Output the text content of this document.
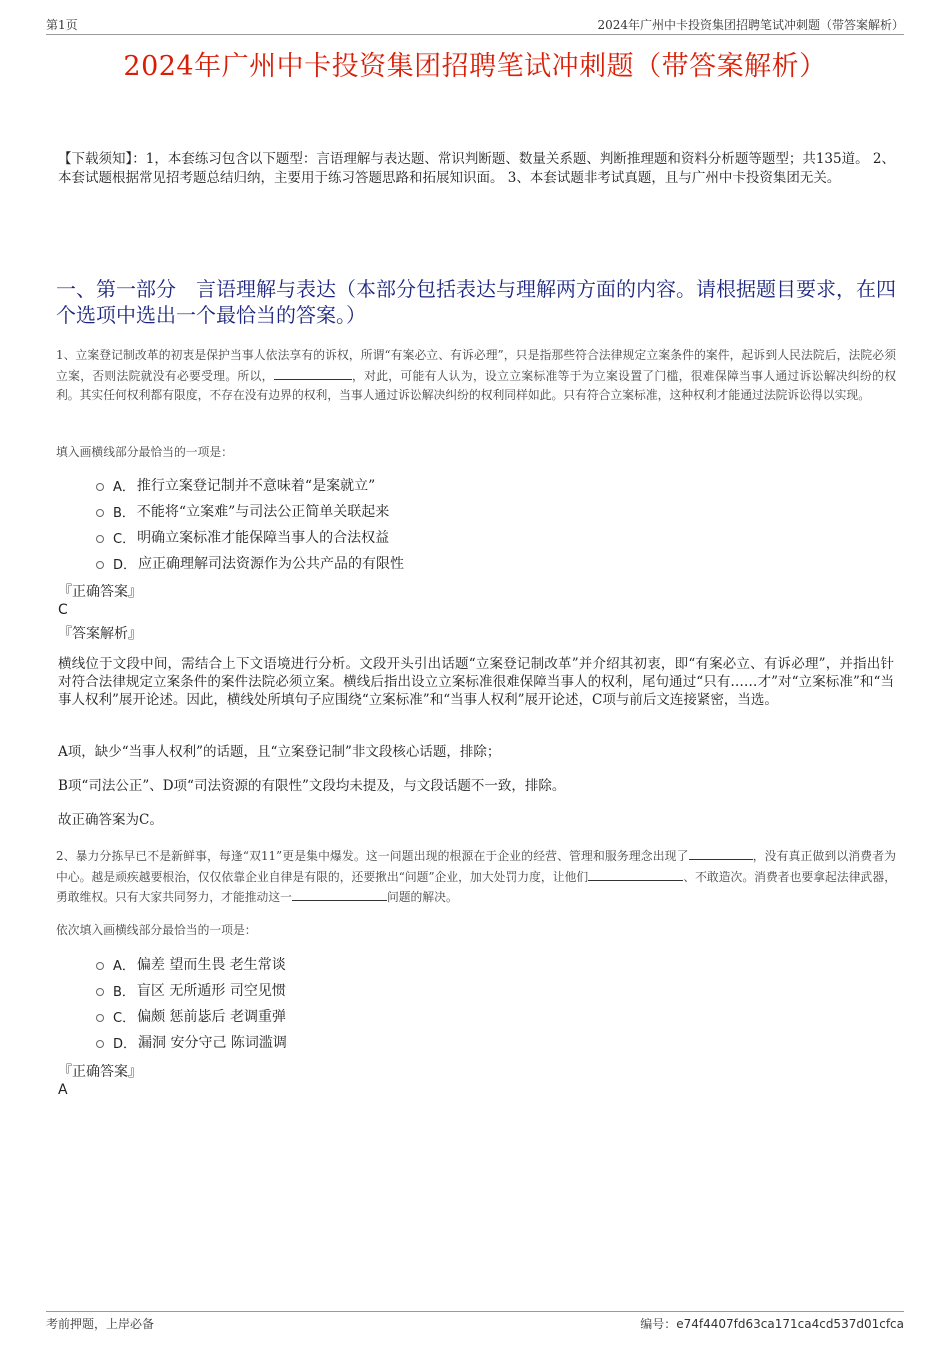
第1页	2024年广州中卡投资集团招聘笔试冲刺题（带答案解析）
2024年广州中卡投资集团招聘笔试冲刺题（带答案解析）
【下载须知】：1，本套练习包含以下题型：言语理解与表达题、常识判断题、数量关系题、判断推理题和资料分析题等题型；共135道。 2、本套试题根据常见招考题总结归纳，主要用于练习答题思路和拓展知识面。 3、本套试题非考试真题，且与广州中卡投资集团无关。
一、第一部分　言语理解与表达（本部分包括表达与理解两方面的内容。请根据题目要求，在四个选项中选出一个最恰当的答案。）
1、立案登记制改革的初衷是保护当事人依法享有的诉权，所谓“有案必立、有诉必理”，只是指那些符合法律规定立案条件的案件，起诉到人民法院后，法院必须立案，否则法院就没有必要受理。所以，	，对此，可能有人认为，设立立案标准等于为立案设置了门槛，很难保障当事人通过诉讼解决纠纷的权利。其实任何权利都有限度，不存在没有边界的权利，当事人通过诉讼解决纠纷的权利同样如此。只有符合立案标准，这种权利才能通过法院诉讼得以实现。
填入画横线部分最恰当的一项是：
A． 推行立案登记制并不意味着“是案就立”
B． 不能将“立案难”与司法公正简单关联起来
C． 明确立案标准才能保障当事人的合法权益
D． 应正确理解司法资源作为公共产品的有限性
『正确答案』
C
『答案解析』
横线位于文段中间，需结合上下文语境进行分析。文段开头引出话题“立案登记制改革”并介绍其初衷，即“有案必立、有诉必理”，并指出针对符合法律规定立案条件的案件法院必须立案。横线后指出设立立案标准很难保障当事人的权利，尾句通过“只有……才”对“立案标准”和“当事人权利”展开论述。因此，横线处所填句子应围绕“立案标准”和“当事人权利”展开论述，C项与前后文连接紧密，当选。
A项，缺少“当事人权利”的话题，且“立案登记制”非文段核心话题，排除；
B项“司法公正”、D项“司法资源的有限性”文段均未提及，与文段话题不一致，排除。
故正确答案为C。
2、暴力分拣早已不是新鲜事，每逢“双11”更是集中爆发。这一问题出现的根源在于企业的经营、管理和服务理念出现了	，没有真正做到以消费者为中心。越是顽疾越要根治，仅仅依靠企业自律是有限的，还要揪出“问题”企业，加大处罚力度，让他们	、不敢造次。消费者也要拿起法律武器，勇敢维权。只有大家共同努力，才能推动这一	问题的解决。
依次填入画横线部分最恰当的一项是：
A． 偏差 望而生畏 老生常谈
B． 盲区 无所遁形 司空见惯
C． 偏颇 惩前毖后 老调重弹
D． 漏洞 安分守己 陈词滥调
『正确答案』
A
考前押题，上岸必备	编号：e74f4407fd63ca171ca4cd537d01cfca
